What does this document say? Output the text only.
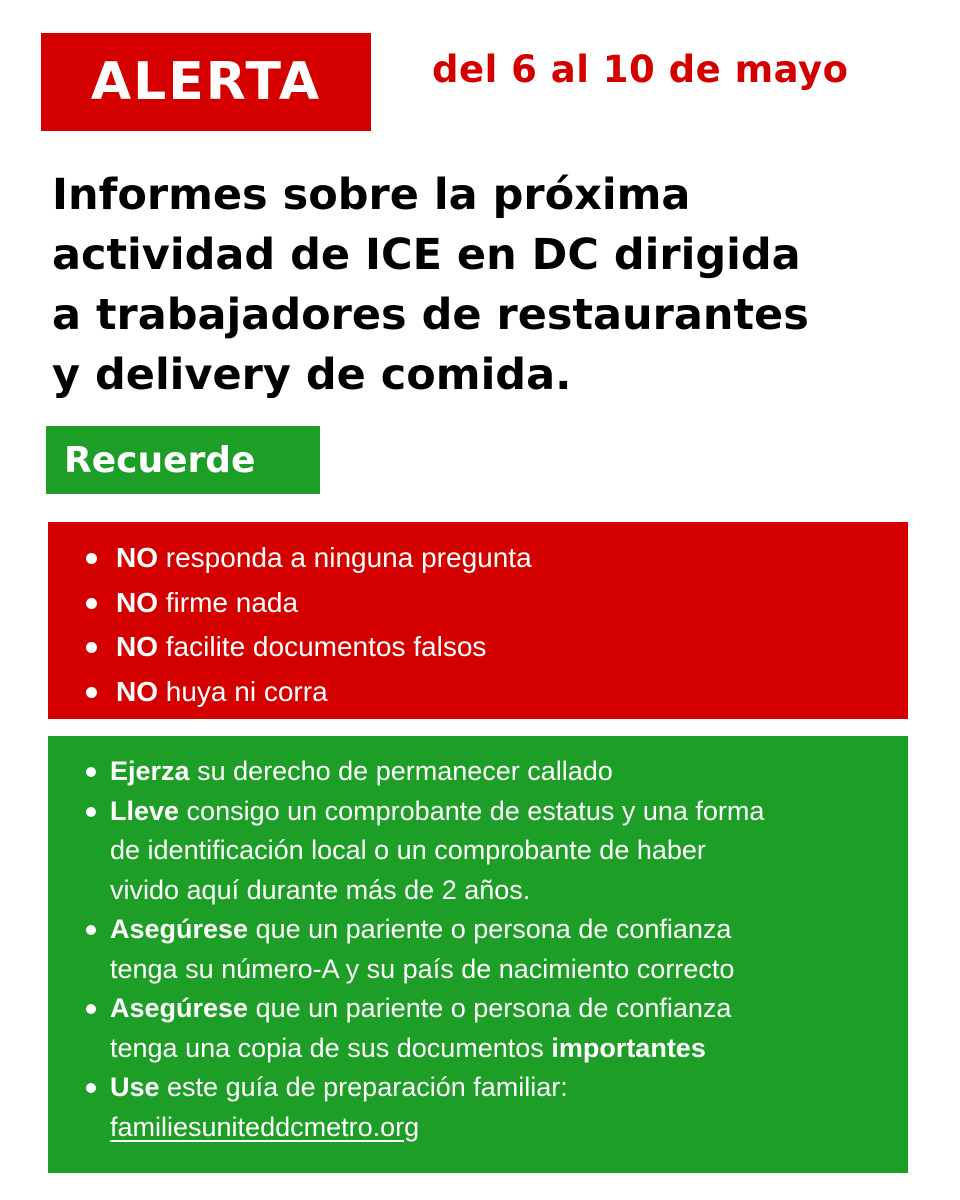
ALERTA	del 6 al 10 de mayo
Informes sobre la próxima
actividad de ICE en DC dirigida
a trabajadores de restaurantes
y delivery de comida.
Recuerde
NO responda a ninguna pregunta
NO firme nada
NO facilite documentos falsos
NO huya ni corra
Ejerza su derecho de permanecer callado
Lleve consigo un comprobante de estatus y una forma
de identificación local o un comprobante de haber
vivido aquí durante más de 2 años.
Asegúrese que un pariente o persona de confianza
tenga su número-A y su país de nacimiento correcto
Asegúrese que un pariente o persona de confianza
tenga una copia de sus documentos importantes
Use este guía de preparación familiar:
familiesuniteddcmetro.org
